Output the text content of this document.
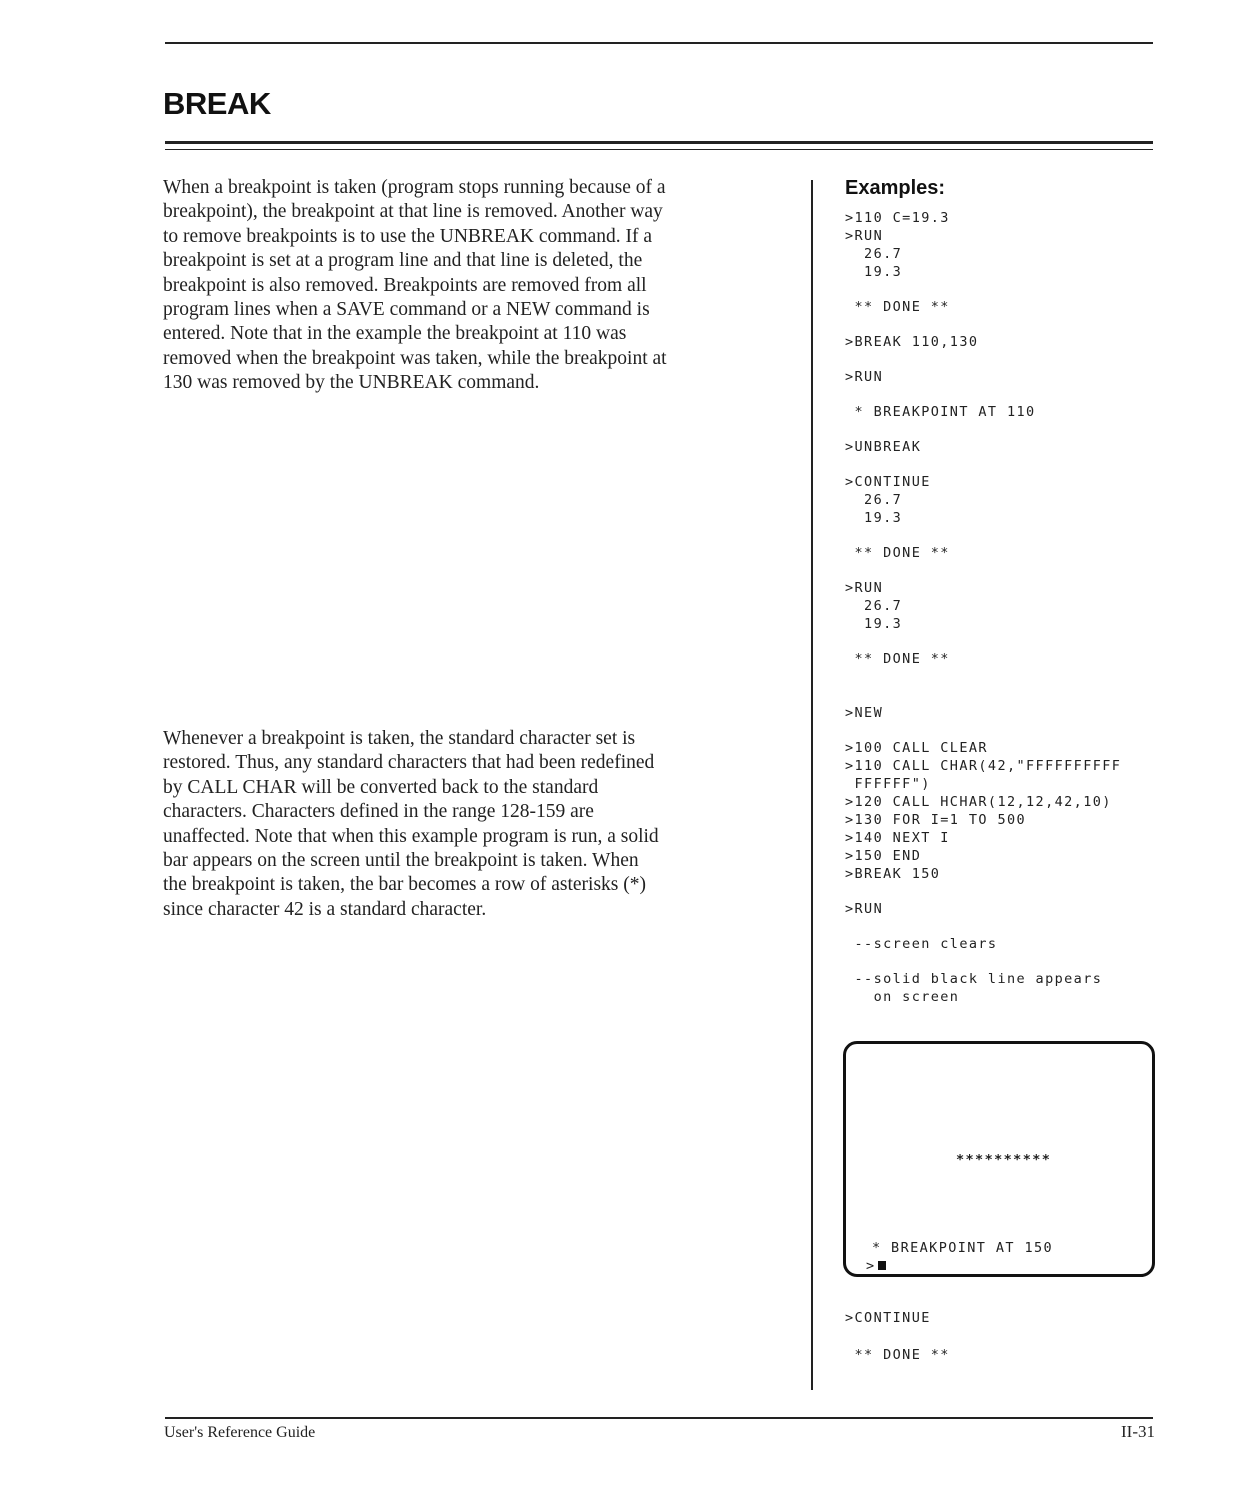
BREAK
When a breakpoint is taken (program stops running because of a
breakpoint), the breakpoint at that line is removed. Another way
to remove breakpoints is to use the UNBREAK command. If a
breakpoint is set at a program line and that line is deleted, the
breakpoint is also removed. Breakpoints are removed from all
program lines when a SAVE command or a NEW command is
entered. Note that in the example the breakpoint at 110 was
removed when the breakpoint was taken, while the breakpoint at
130 was removed by the UNBREAK command.
Whenever a breakpoint is taken, the standard character set is
restored. Thus, any standard characters that had been redefined
by CALL CHAR will be converted back to the standard
characters. Characters defined in the range 128-159 are
unaffected. Note that when this example program is run, a solid
bar appears on the screen until the breakpoint is taken. When
the breakpoint is taken, the bar becomes a row of asterisks (*)
since character 42 is a standard character.
Examples:
>110 C=19.3
>RUN
26.7
19.3
** DONE **
>BREAK 110,130
>RUN
* BREAKPOINT AT 110
>UNBREAK
>CONTINUE
26.7
19.3
** DONE **
>RUN
26.7
19.3
** DONE **
>NEW
>100 CALL CLEAR
>110 CALL CHAR(42,"FFFFFFFFFF
FFFFFF")
>120 CALL HCHAR(12,12,42,10)
>130 FOR I=1 TO 500
>140 NEXT I
>150 END
>BREAK 150
>RUN
--screen clears
--solid black line appears
on screen
**********
* BREAKPOINT AT 150
>
>CONTINUE
** DONE **
User's Reference Guide	II-31
